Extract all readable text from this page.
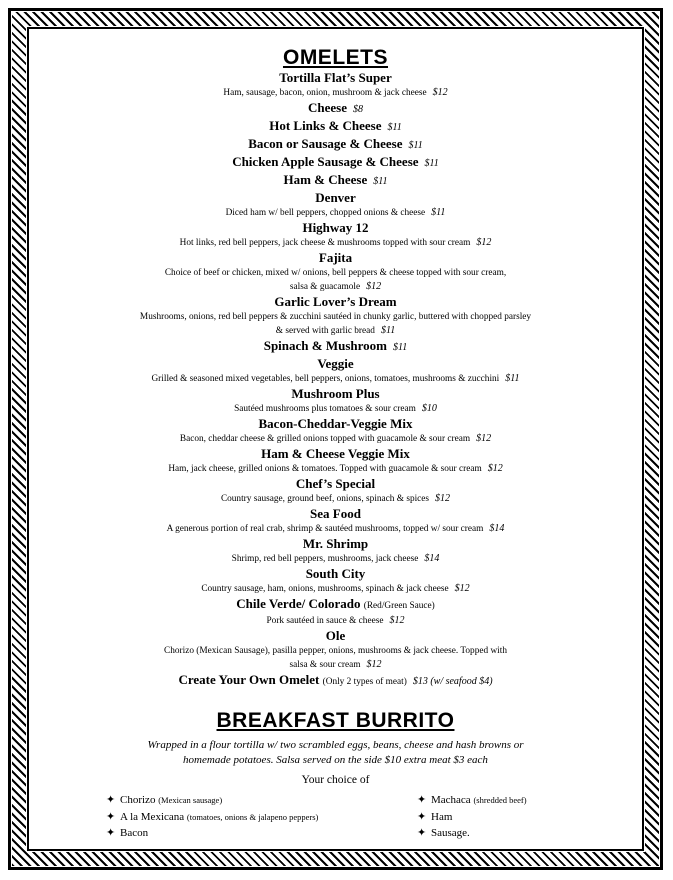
OMELETS
Tortilla Flat’s Super
Ham, sausage, bacon, onion, mushroom & jack cheese $12
Cheese $8
Hot Links & Cheese $11
Bacon or Sausage & Cheese $11
Chicken Apple Sausage & Cheese $11
Ham & Cheese $11
Denver
Diced ham w/ bell peppers, chopped onions & cheese $11
Highway 12
Hot links, red bell peppers, jack cheese & mushrooms topped with sour cream $12
Fajita
Choice of beef or chicken, mixed w/ onions, bell peppers & cheese topped with sour cream,
salsa & guacamole $12
Garlic Lover’s Dream
Mushrooms, onions, red bell peppers & zucchini sautéed in chunky garlic, buttered with chopped parsley
& served with garlic bread $11
Spinach & Mushroom $11
Veggie
Grilled & seasoned mixed vegetables, bell peppers, onions, tomatoes, mushrooms & zucchini $11
Mushroom Plus
Sautéed mushrooms plus tomatoes & sour cream $10
Bacon-Cheddar-Veggie Mix
Bacon, cheddar cheese & grilled onions topped with guacamole & sour cream $12
Ham & Cheese Veggie Mix
Ham, jack cheese, grilled onions & tomatoes. Topped with guacamole & sour cream $12
Chef’s Special
Country sausage, ground beef, onions, spinach & spices $12
Sea Food
A generous portion of real crab, shrimp & sautéed mushrooms, topped w/ sour cream $14
Mr. Shrimp
Shrimp, red bell peppers, mushrooms, jack cheese $14
South City
Country sausage, ham, onions, mushrooms, spinach & jack cheese $12
Chile Verde/ Colorado (Red/Green Sauce)
Pork sautéed in sauce & cheese $12
Ole
Chorizo (Mexican Sausage), pasilla pepper, onions, mushrooms & jack cheese. Topped with
salsa & sour cream $12
Create Your Own Omelet (Only 2 types of meat) $13 (w/ seafood $4)
BREAKFAST BURRITO
Wrapped in a flour tortilla w/ two scrambled eggs, beans, cheese and hash browns or
homemade potatoes. Salsa served on the side $10 extra meat $3 each
Your choice of
✦ Chorizo (Mexican sausage)
✦ A la Mexicana (tomatoes, onions & jalapeno peppers)
✦ Bacon
✦ Machaca (shredded beef)
✦ Ham
✦ Sausage.
